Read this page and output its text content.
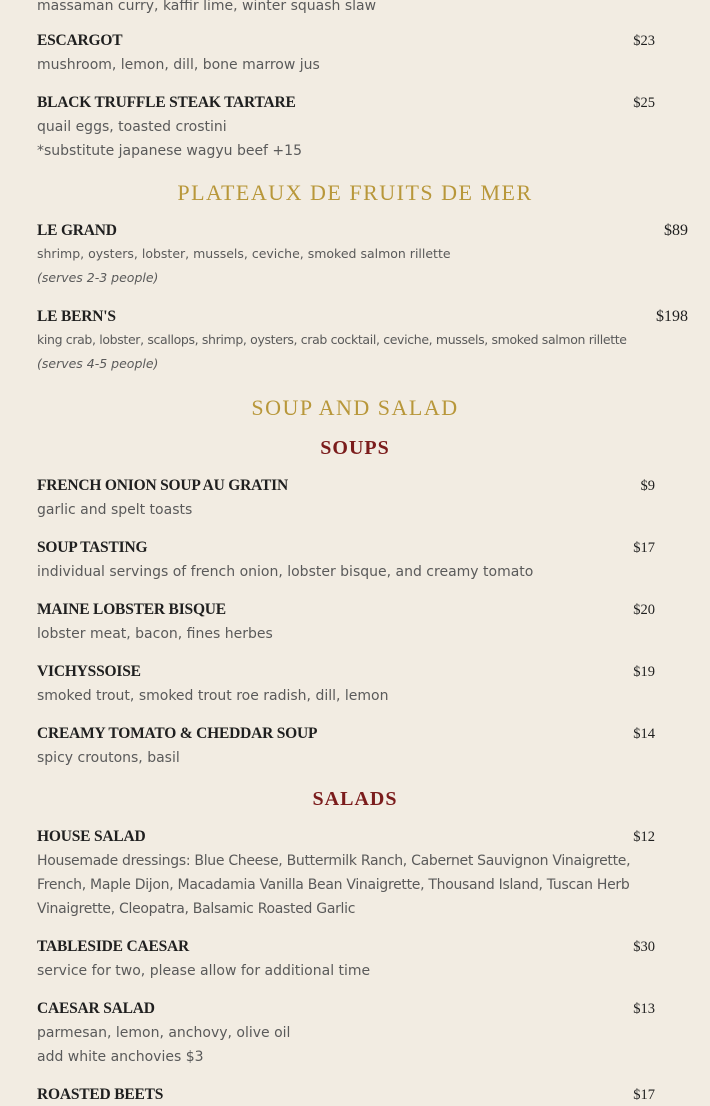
massaman curry, kaffir lime, winter squash slaw
ESCARGOT	$23
mushroom, lemon, dill, bone marrow jus
BLACK TRUFFLE STEAK TARTARE	$25
quail eggs, toasted crostini
*substitute japanese wagyu beef +15
PLATEAUX DE FRUITS DE MER
LE GRAND	$89
shrimp, oysters, lobster, mussels, ceviche, smoked salmon rillette
(serves 2-3 people)
LE BERN'S	$198
king crab, lobster, scallops, shrimp, oysters, crab cocktail, ceviche, mussels, smoked salmon rillette
(serves 4-5 people)
SOUP AND SALAD
SOUPS
FRENCH ONION SOUP AU GRATIN	$9
garlic and spelt toasts
SOUP TASTING	$17
individual servings of french onion, lobster bisque, and creamy tomato
MAINE LOBSTER BISQUE	$20
lobster meat, bacon, fines herbes
VICHYSSOISE	$19
smoked trout, smoked trout roe radish, dill, lemon
CREAMY TOMATO & CHEDDAR SOUP	$14
spicy croutons, basil
SALADS
HOUSE SALAD	$12
Housemade dressings: Blue Cheese, Buttermilk Ranch, Cabernet Sauvignon Vinaigrette, French, Maple Dijon, Macadamia Vanilla Bean Vinaigrette, Thousand Island, Tuscan Herb Vinaigrette, Cleopatra, Balsamic Roasted Garlic
TABLESIDE CAESAR	$30
service for two, please allow for additional time
CAESAR SALAD	$13
parmesan, lemon, anchovy, olive oil
add white anchovies $3
ROASTED BEETS	$17
